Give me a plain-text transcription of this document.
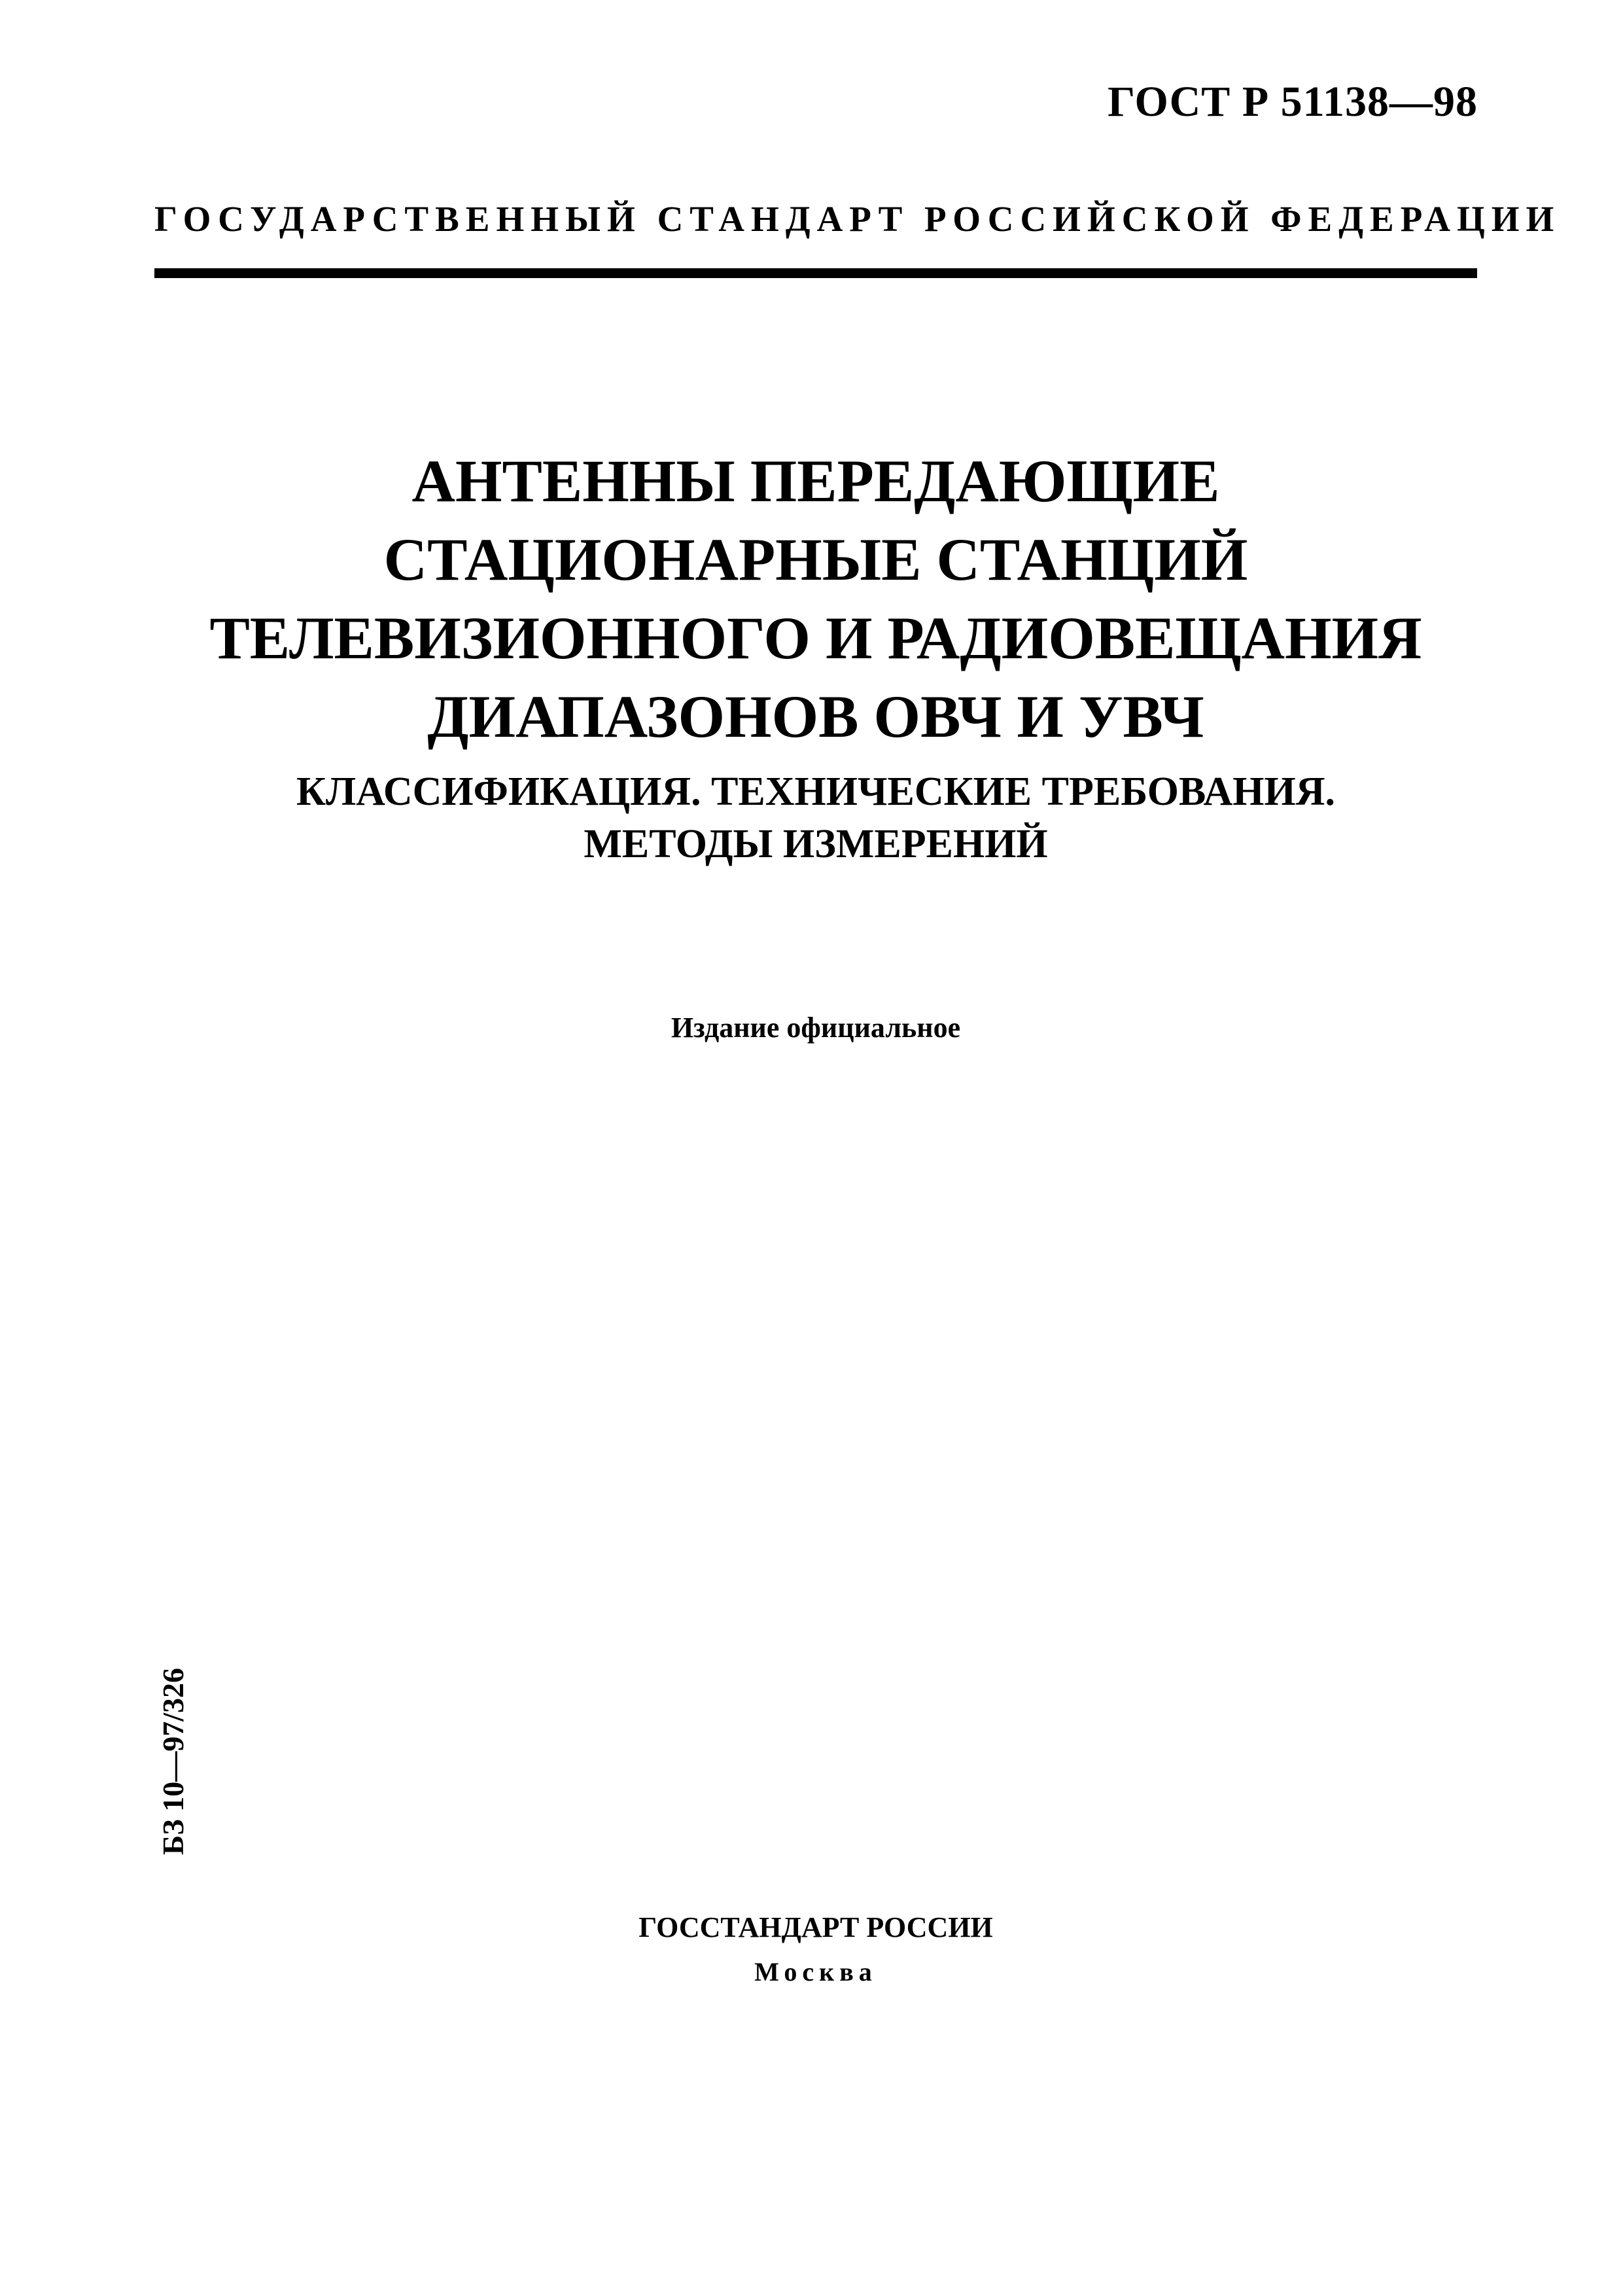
ГОСТ Р 51138—98
ГОСУДАРСТВЕННЫЙ СТАНДАРТ РОССИЙСКОЙ ФЕДЕРАЦИИ
АНТЕННЫ ПЕРЕДАЮЩИЕ
СТАЦИОНАРНЫЕ СТАНЦИЙ
ТЕЛЕВИЗИОННОГО И РАДИОВЕЩАНИЯ
ДИАПАЗОНОВ ОВЧ И УВЧ
КЛАССИФИКАЦИЯ. ТЕХНИЧЕСКИЕ ТРЕБОВАНИЯ.
МЕТОДЫ ИЗМЕРЕНИЙ
Издание официальное
БЗ 10—97/326
ГОССТАНДАРТ РОССИИ
Москва
